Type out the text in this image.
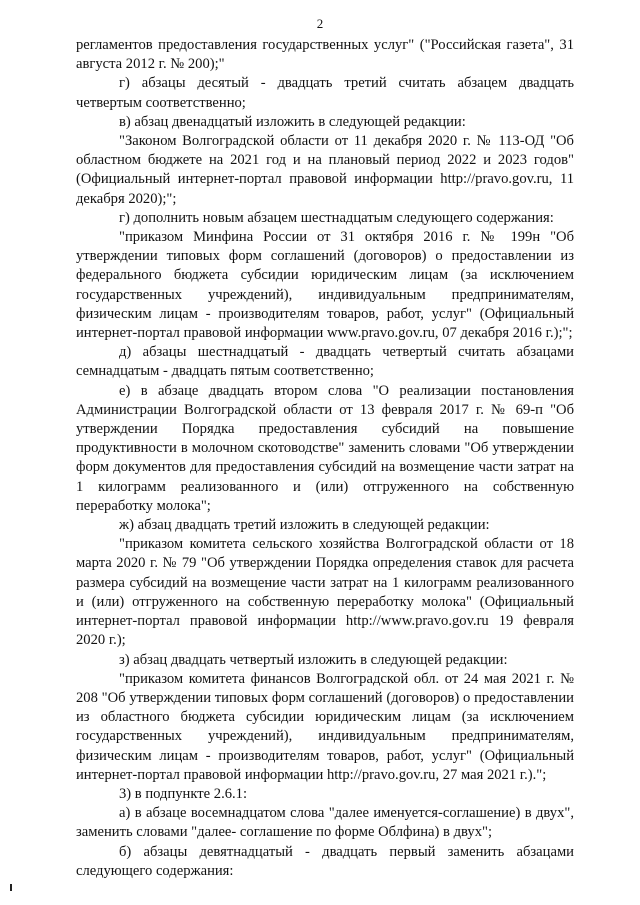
2

регламентов предоставления государственных услуг" ("Российская газета", 31 августа 2012 г. № 200);"

г) абзацы десятый - двадцать третий считать абзацем двадцать четвертым соответственно;

в) абзац двенадцатый изложить в следующей редакции:

"Законом Волгоградской области от 11 декабря 2020 г. № 113-ОД "Об областном бюджете на 2021 год и на плановый период 2022 и 2023 годов" (Официальный интернет-портал правовой информации http://pravo.gov.ru, 11 декабря 2020);";

г) дополнить новым абзацем шестнадцатым следующего содержания:

"приказом Минфина России от 31 октября 2016 г. № 199н "Об утверждении типовых форм соглашений (договоров) о предоставлении из федерального бюджета субсидии юридическим лицам (за исключением государственных учреждений), индивидуальным предпринимателям, физическим лицам - производителям товаров, работ, услуг" (Официальный интернет-портал правовой информации www.pravo.gov.ru, 07 декабря 2016 г.);";

д) абзацы шестнадцатый - двадцать четвертый считать абзацами семнадцатым - двадцать пятым соответственно;

е) в абзаце двадцать втором слова "О реализации постановления Администрации Волгоградской области от 13 февраля 2017 г. № 69-п "Об утверждении Порядка предоставления субсидий на повышение продуктивности в молочном скотоводстве" заменить словами "Об утверждении форм документов для предоставления субсидий на возмещение части затрат на 1 килограмм реализованного и (или) отгруженного на собственную переработку молока";

ж) абзац двадцать третий изложить в следующей редакции:

"приказом комитета сельского хозяйства Волгоградской области от 18 марта 2020 г. № 79 "Об утверждении Порядка определения ставок для расчета размера субсидий на возмещение части затрат на 1 килограмм реализованного и (или) отгруженного на собственную переработку молока" (Официальный интернет-портал правовой информации http://www.pravo.gov.ru 19 февраля 2020 г.);

з) абзац двадцать четвертый изложить в следующей редакции:

"приказом комитета финансов Волгоградской обл. от 24 мая 2021 г. № 208 "Об утверждении типовых форм соглашений (договоров) о предоставлении из областного бюджета субсидии юридическим лицам (за исключением государственных учреждений), индивидуальным предпринимателям, физическим лицам - производителям товаров, работ, услуг" (Официальный интернет-портал правовой информации http://pravo.gov.ru, 27 мая 2021 г.).";

3) в подпункте 2.6.1:

а) в абзаце восемнадцатом слова "далее именуется-соглашение) в двух", заменить словами "далее- соглашение по форме Облфина) в двух";

б) абзацы девятнадцатый - двадцать первый заменить абзацами следующего содержания:
